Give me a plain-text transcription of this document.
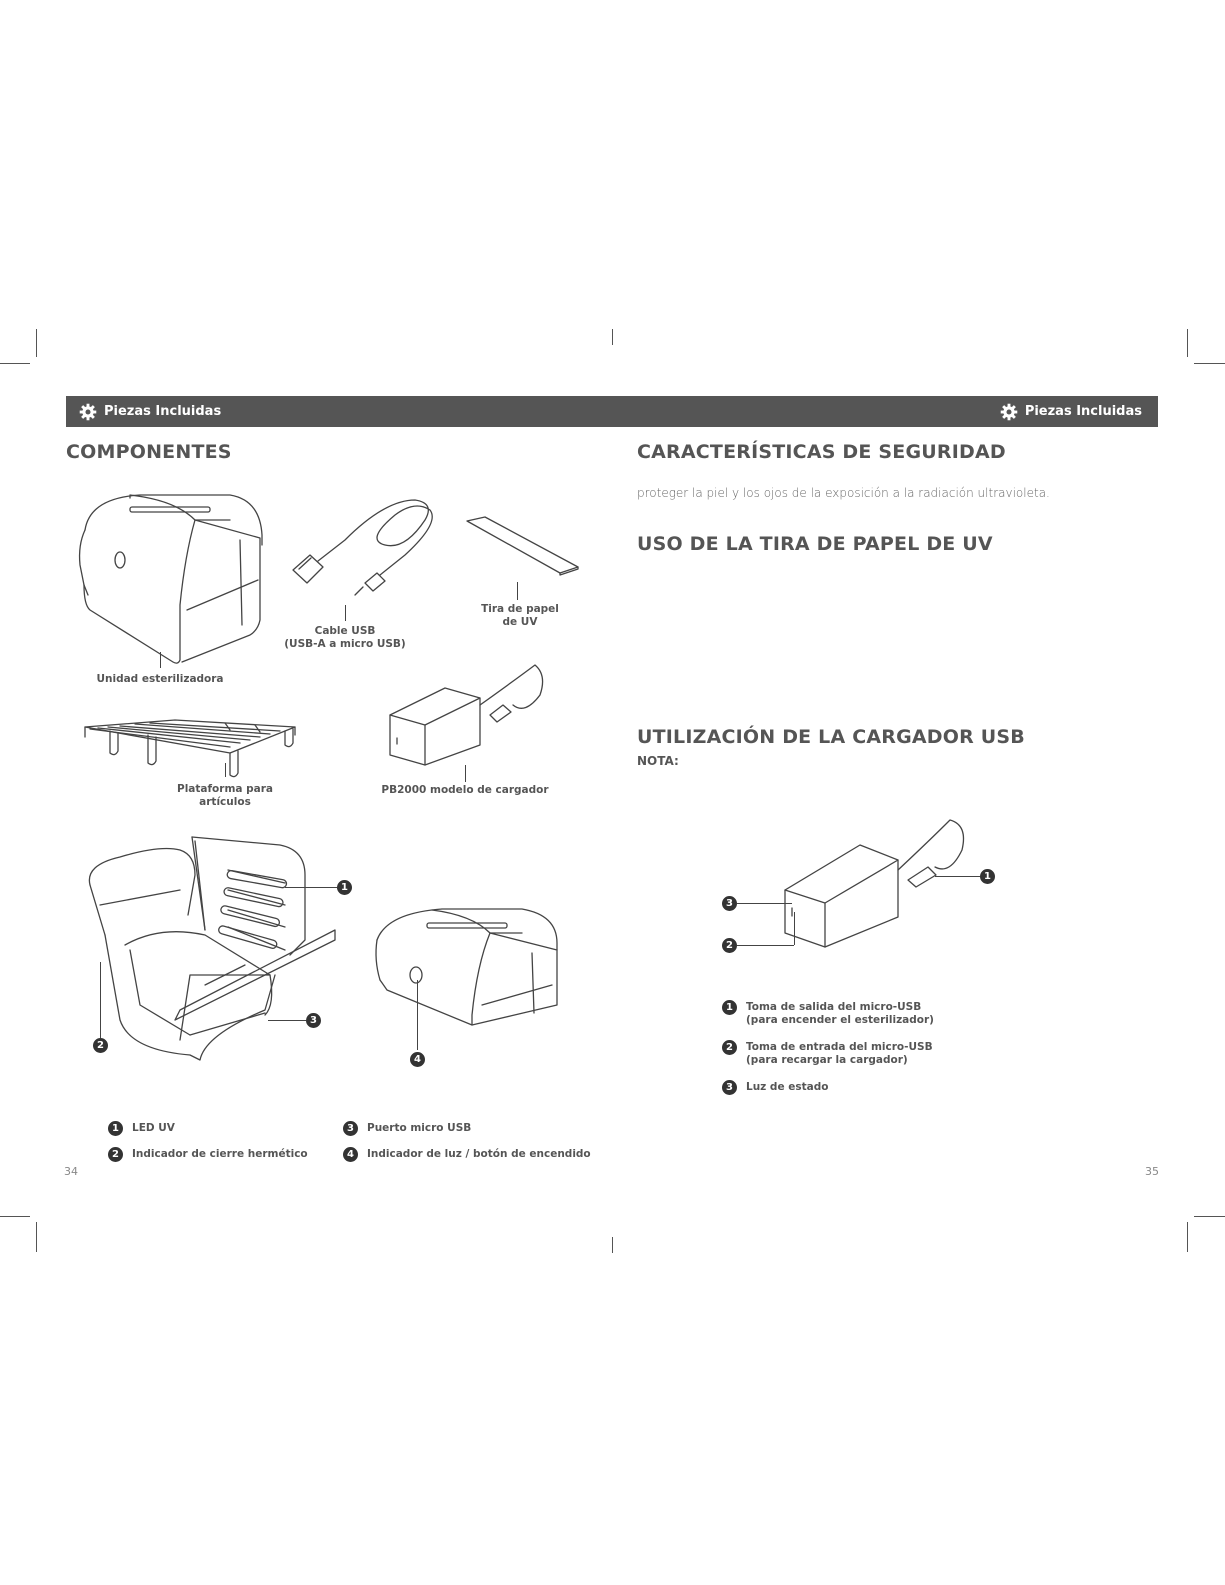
Piezas Incluidas	Piezas Incluidas
COMPONENTES
Unidad esterilizadora
Cable USB
(USB-A a micro USB)
Tira de papel
de UV
Plataforma para
artículos
PB2000 modelo de cargador
1
3
2
4
1	LED UV
2	Indicador de cierre hermético
3	Puerto micro USB
4	Indicador de luz / botón de encendido
34
CARACTERÍSTICAS DE SEGURIDAD
proteger la piel y los ojos de la exposición a la radiación ultravioleta.
USO DE LA TIRA DE PAPEL DE UV
UTILIZACIÓN DE LA CARGADOR USB
NOTA:
1
3
2
1	Toma de salida del micro-USB
(para encender el esterilizador)
2	Toma de entrada del micro-USB
(para recargar la cargador)
3	Luz de estado
35
